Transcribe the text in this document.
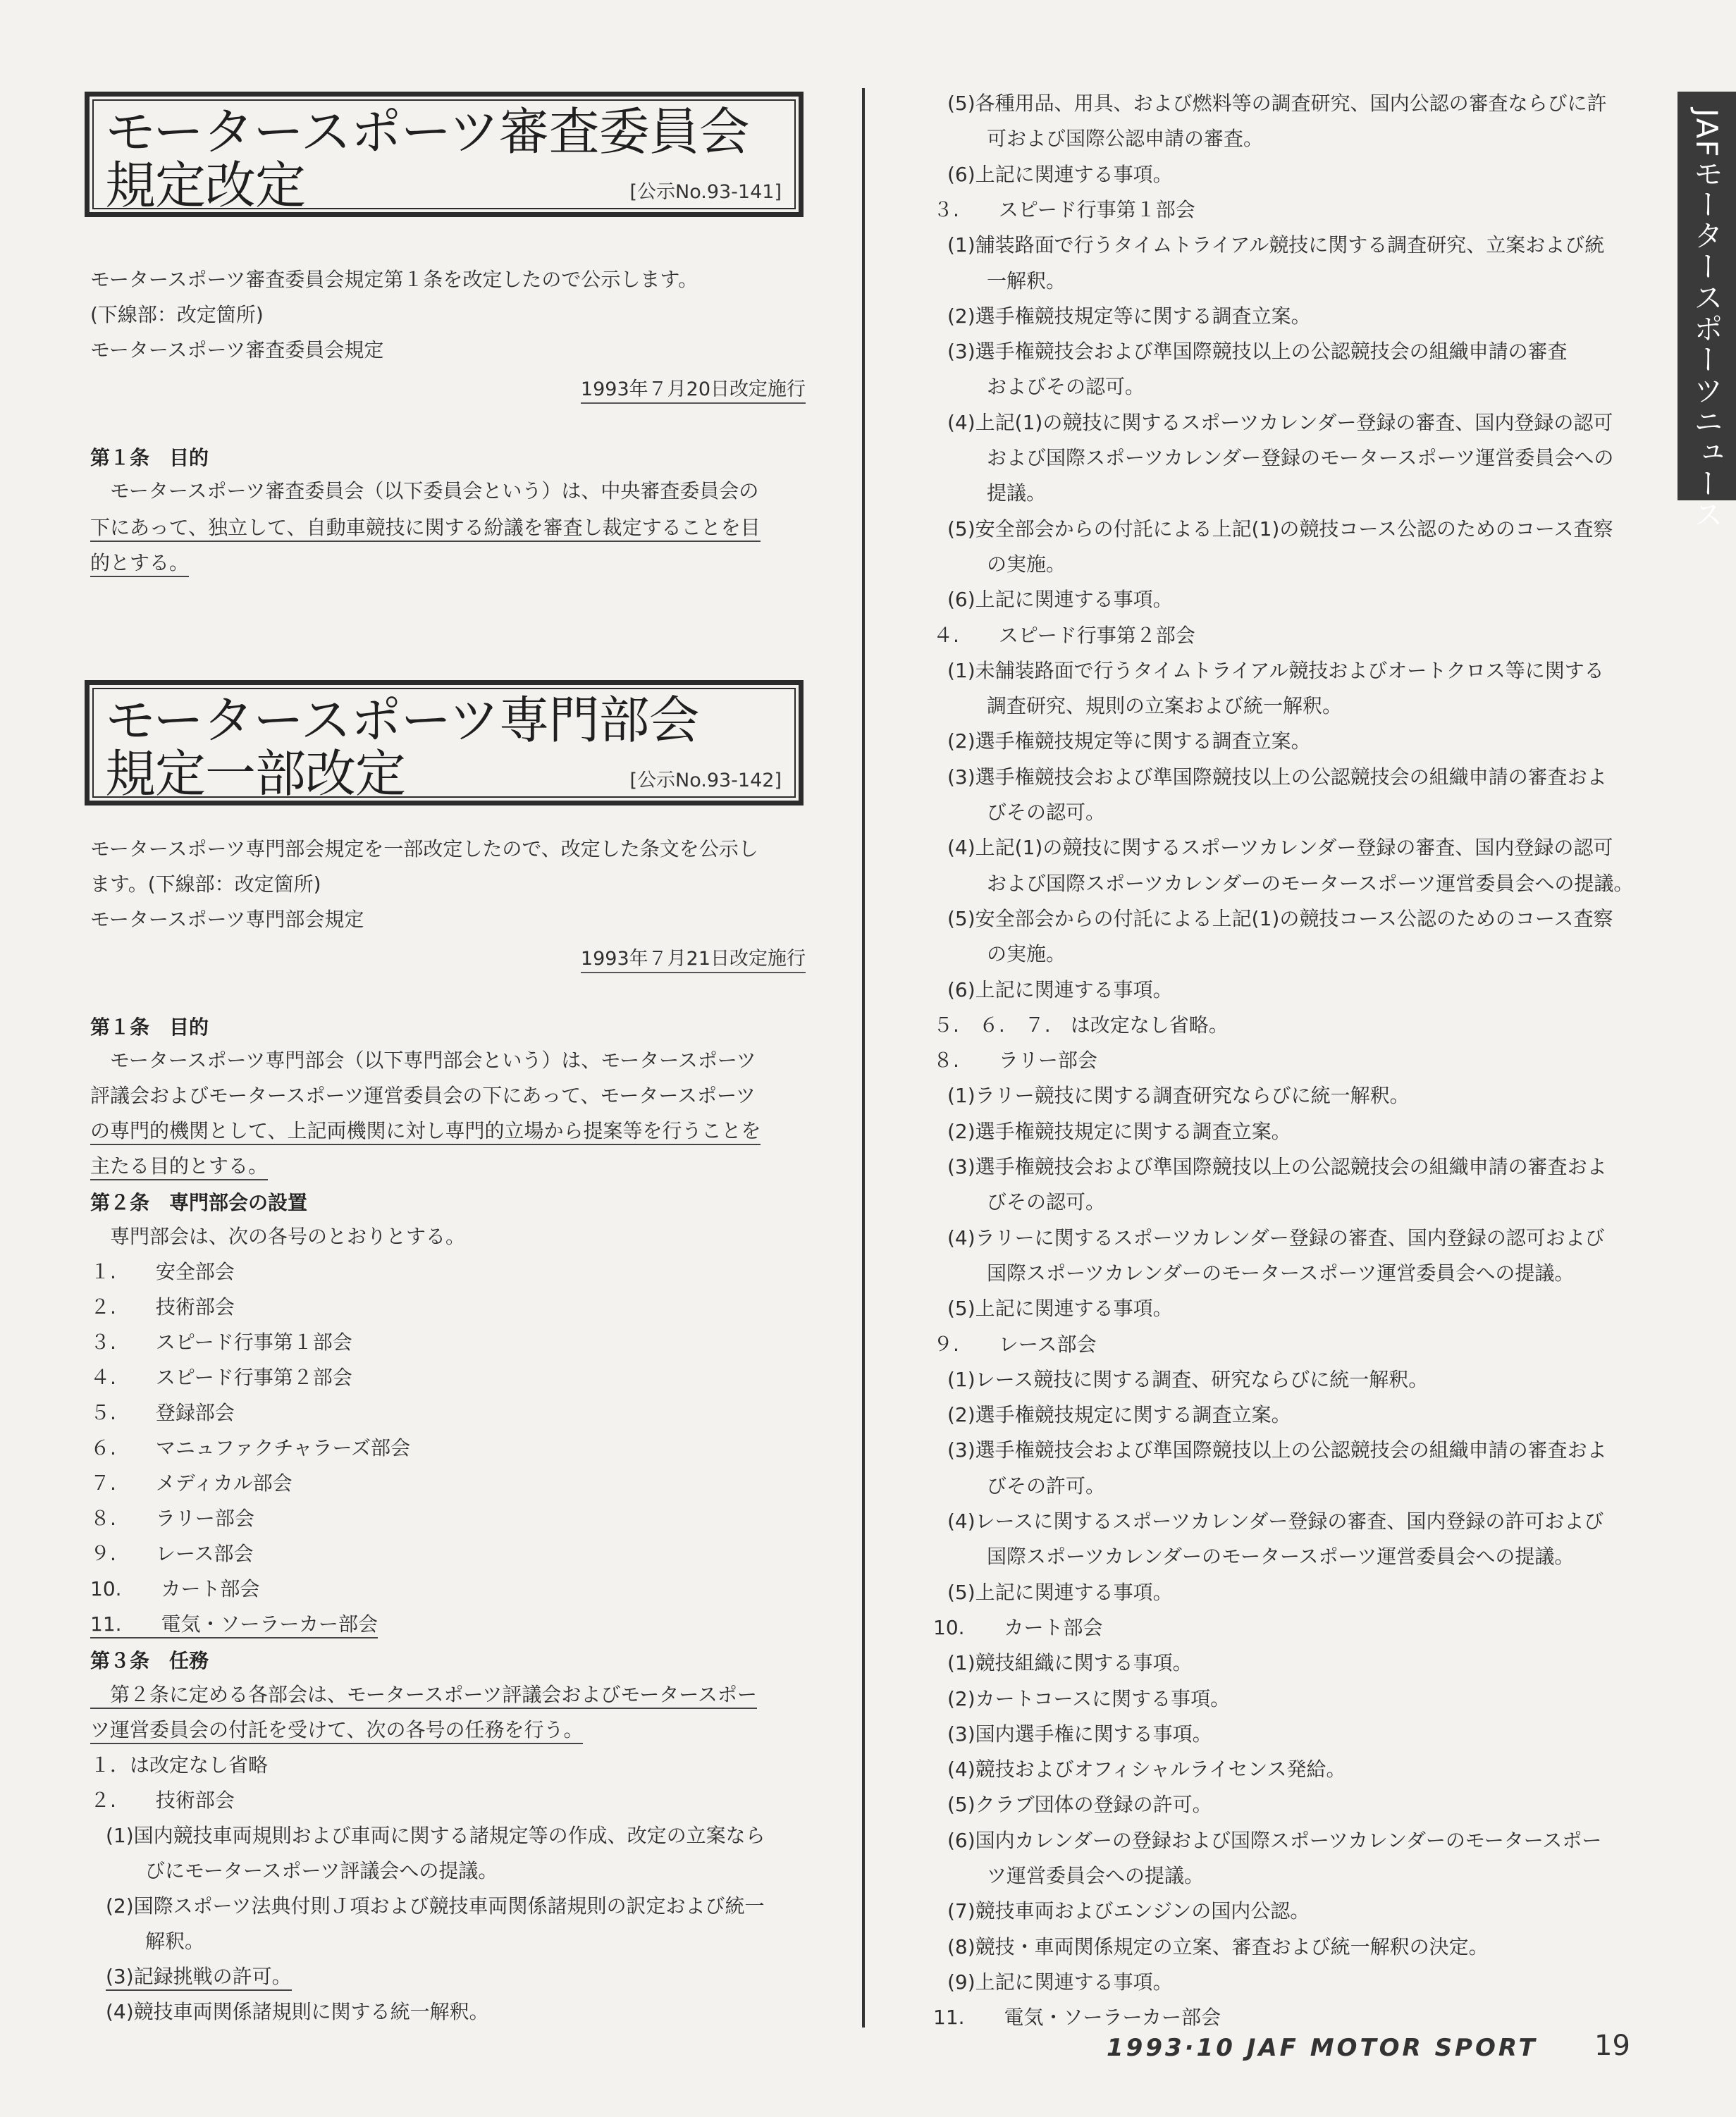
JAFモータースポーツニュース
モータースポーツ審査委員会
規定改定	[公示No.93-141]
モータースポーツ審査委員会規定第１条を改定したので公示します。
(下線部：改定箇所)
モータースポーツ審査委員会規定
1993年７月20日改定施行
第１条　目的
　モータースポーツ審査委員会（以下委員会という）は、中央審査委員会の
下にあって、独立して、自動車競技に関する紛議を審査し裁定することを目
的とする。
モータースポーツ専門部会
規定一部改定	[公示No.93-142]
モータースポーツ専門部会規定を一部改定したので、改定した条文を公示し
ます。(下線部：改定箇所)
モータースポーツ専門部会規定
1993年７月21日改定施行
第１条　目的
　モータースポーツ専門部会（以下専門部会という）は、モータースポーツ
評議会およびモータースポーツ運営委員会の下にあって、モータースポーツ
の専門的機関として、上記両機関に対し専門的立場から提案等を行うことを
主たる目的とする。
第２条　専門部会の設置
　専門部会は、次の各号のとおりとする。
１.　　安全部会
２.　　技術部会
３.　　スピード行事第１部会
４.　　スピード行事第２部会
５.　　登録部会
６.　　マニュファクチャラーズ部会
７.　　メディカル部会
８.　　ラリー部会
９.　　レース部会
10.　　カート部会
11.　　電気・ソーラーカー部会
第３条　任務
　第２条に定める各部会は、モータースポーツ評議会およびモータースポー
ツ運営委員会の付託を受けて、次の各号の任務を行う。
１．は改定なし省略
２.　　技術部会
(1)国内競技車両規則および車両に関する諸規定等の作成、改定の立案なら
　　びにモータースポーツ評議会への提議。
(2)国際スポーツ法典付則Ｊ項および競技車両関係諸規則の訳定および統一
　　解釈。
(3)記録挑戦の許可。
(4)競技車両関係諸規則に関する統一解釈。
(5)各種用品、用具、および燃料等の調査研究、国内公認の審査ならびに許
　　可および国際公認申請の審査。
(6)上記に関連する事項。
３.　　スピード行事第１部会
(1)舗装路面で行うタイムトライアル競技に関する調査研究、立案および統
　　一解釈。
(2)選手権競技規定等に関する調査立案。
(3)選手権競技会および準国際競技以上の公認競技会の組織申請の審査
　　およびその認可。
(4)上記(1)の競技に関するスポーツカレンダー登録の審査、国内登録の認可
　　および国際スポーツカレンダー登録のモータースポーツ運営委員会への
　　提議。
(5)安全部会からの付託による上記(1)の競技コース公認のためのコース査察
　　の実施。
(6)上記に関連する事項。
４.　　スピード行事第２部会
(1)未舗装路面で行うタイムトライアル競技およびオートクロス等に関する
　　調査研究、規則の立案および統一解釈。
(2)選手権競技規定等に関する調査立案。
(3)選手権競技会および準国際競技以上の公認競技会の組織申請の審査およ
　　びその認可。
(4)上記(1)の競技に関するスポーツカレンダー登録の審査、国内登録の認可
　　および国際スポーツカレンダーのモータースポーツ運営委員会への提議。
(5)安全部会からの付託による上記(1)の競技コース公認のためのコース査察
　　の実施。
(6)上記に関連する事項。
５.　６.　７.　は改定なし省略。
８.　　ラリー部会
(1)ラリー競技に関する調査研究ならびに統一解釈。
(2)選手権競技規定に関する調査立案。
(3)選手権競技会および準国際競技以上の公認競技会の組織申請の審査およ
　　びその認可。
(4)ラリーに関するスポーツカレンダー登録の審査、国内登録の認可および
　　国際スポーツカレンダーのモータースポーツ運営委員会への提議。
(5)上記に関連する事項。
９.　　レース部会
(1)レース競技に関する調査、研究ならびに統一解釈。
(2)選手権競技規定に関する調査立案。
(3)選手権競技会および準国際競技以上の公認競技会の組織申請の審査およ
　　びその許可。
(4)レースに関するスポーツカレンダー登録の審査、国内登録の許可および
　　国際スポーツカレンダーのモータースポーツ運営委員会への提議。
(5)上記に関連する事項。
10.　　カート部会
(1)競技組織に関する事項。
(2)カートコースに関する事項。
(3)国内選手権に関する事項。
(4)競技およびオフィシャルライセンス発給。
(5)クラブ団体の登録の許可。
(6)国内カレンダーの登録および国際スポーツカレンダーのモータースポー
　　ツ運営委員会への提議。
(7)競技車両およびエンジンの国内公認。
(8)競技・車両関係規定の立案、審査および統一解釈の決定。
(9)上記に関連する事項。
11.　　電気・ソーラーカー部会
1993·10 JAF MOTOR SPORT 19
